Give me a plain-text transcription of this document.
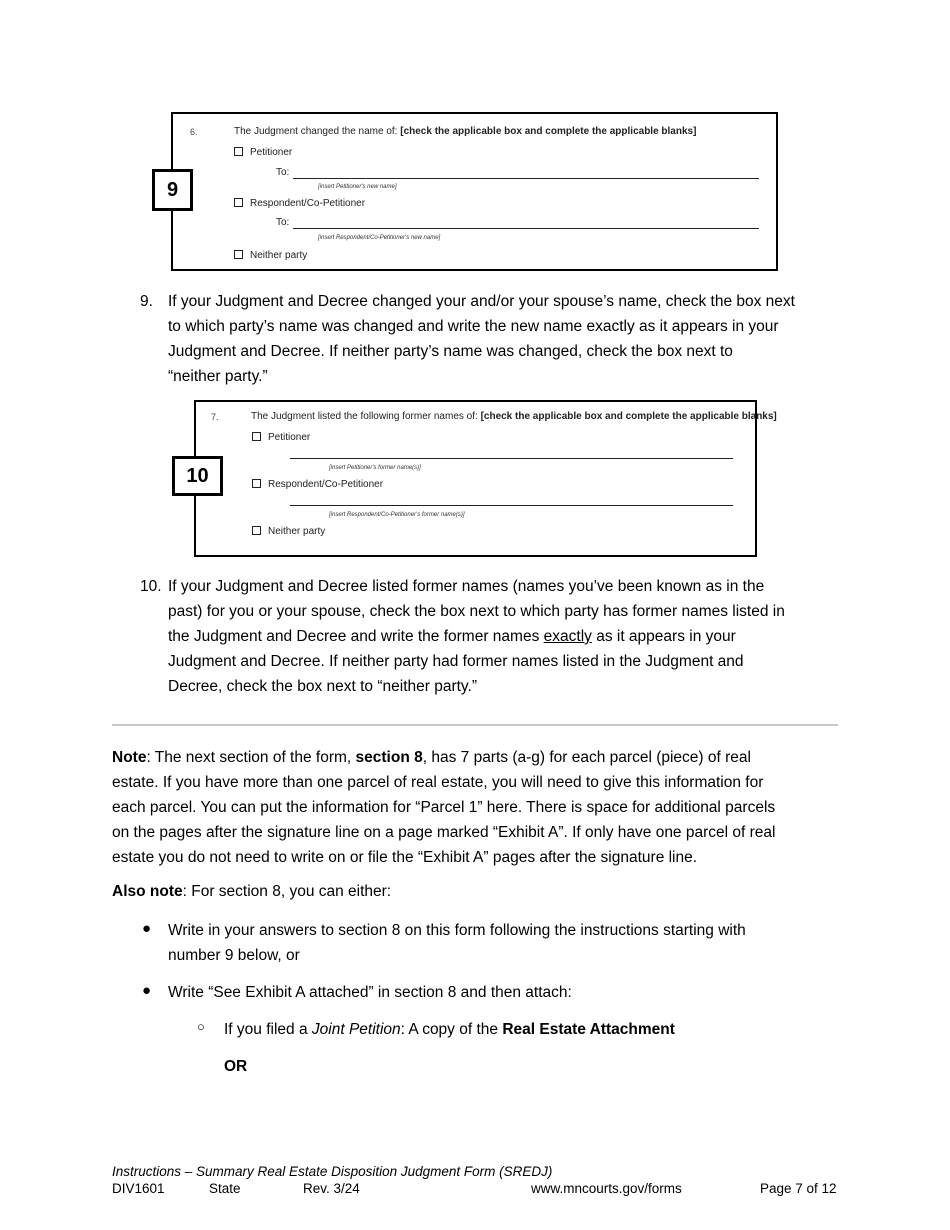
6.	The Judgment changed the name of: [check the applicable box and complete the applicable blanks]
Petitioner
To:
[insert Petitioner's new name]
Respondent/Co-Petitioner
To:
[insert Respondent/Co-Petitioner's new name]
Neither party
9
9. If your Judgment and Decree changed your and/or your spouse’s name, check the box next
to which party’s name was changed and write the new name exactly as it appears in your
Judgment and Decree. If neither party’s name was changed, check the box next to
“neither party.”
7.	The Judgment listed the following former names of: [check the applicable box and complete the applicable blanks]
Petitioner
[insert Petitioner's former name(s)]
Respondent/Co-Petitioner
[insert Respondent/Co-Petitioner's former name(s)]
Neither party
10
10. If your Judgment and Decree listed former names (names you’ve been known as in the
past) for you or your spouse, check the box next to which party has former names listed in
the Judgment and Decree and write the former names exactly as it appears in your
Judgment and Decree. If neither party had former names listed in the Judgment and
Decree, check the box next to “neither party.”
Note: The next section of the form, section 8, has 7 parts (a-g) for each parcel (piece) of real
estate. If you have more than one parcel of real estate, you will need to give this information for
each parcel. You can put the information for “Parcel 1” here. There is space for additional parcels
on the pages after the signature line on a page marked “Exhibit A”. If only have one parcel of real
estate you do not need to write on or file the “Exhibit A” pages after the signature line.
Also note: For section 8, you can either:
● Write in your answers to section 8 on this form following the instructions starting with
number 9 below, or
● Write “See Exhibit A attached” in section 8 and then attach:
○ If you filed a Joint Petition: A copy of the Real Estate Attachment
OR
Instructions – Summary Real Estate Disposition Judgment Form (SREDJ)
DIV1601	State	Rev. 3/24	www.mncourts.gov/forms	Page 7 of 12
